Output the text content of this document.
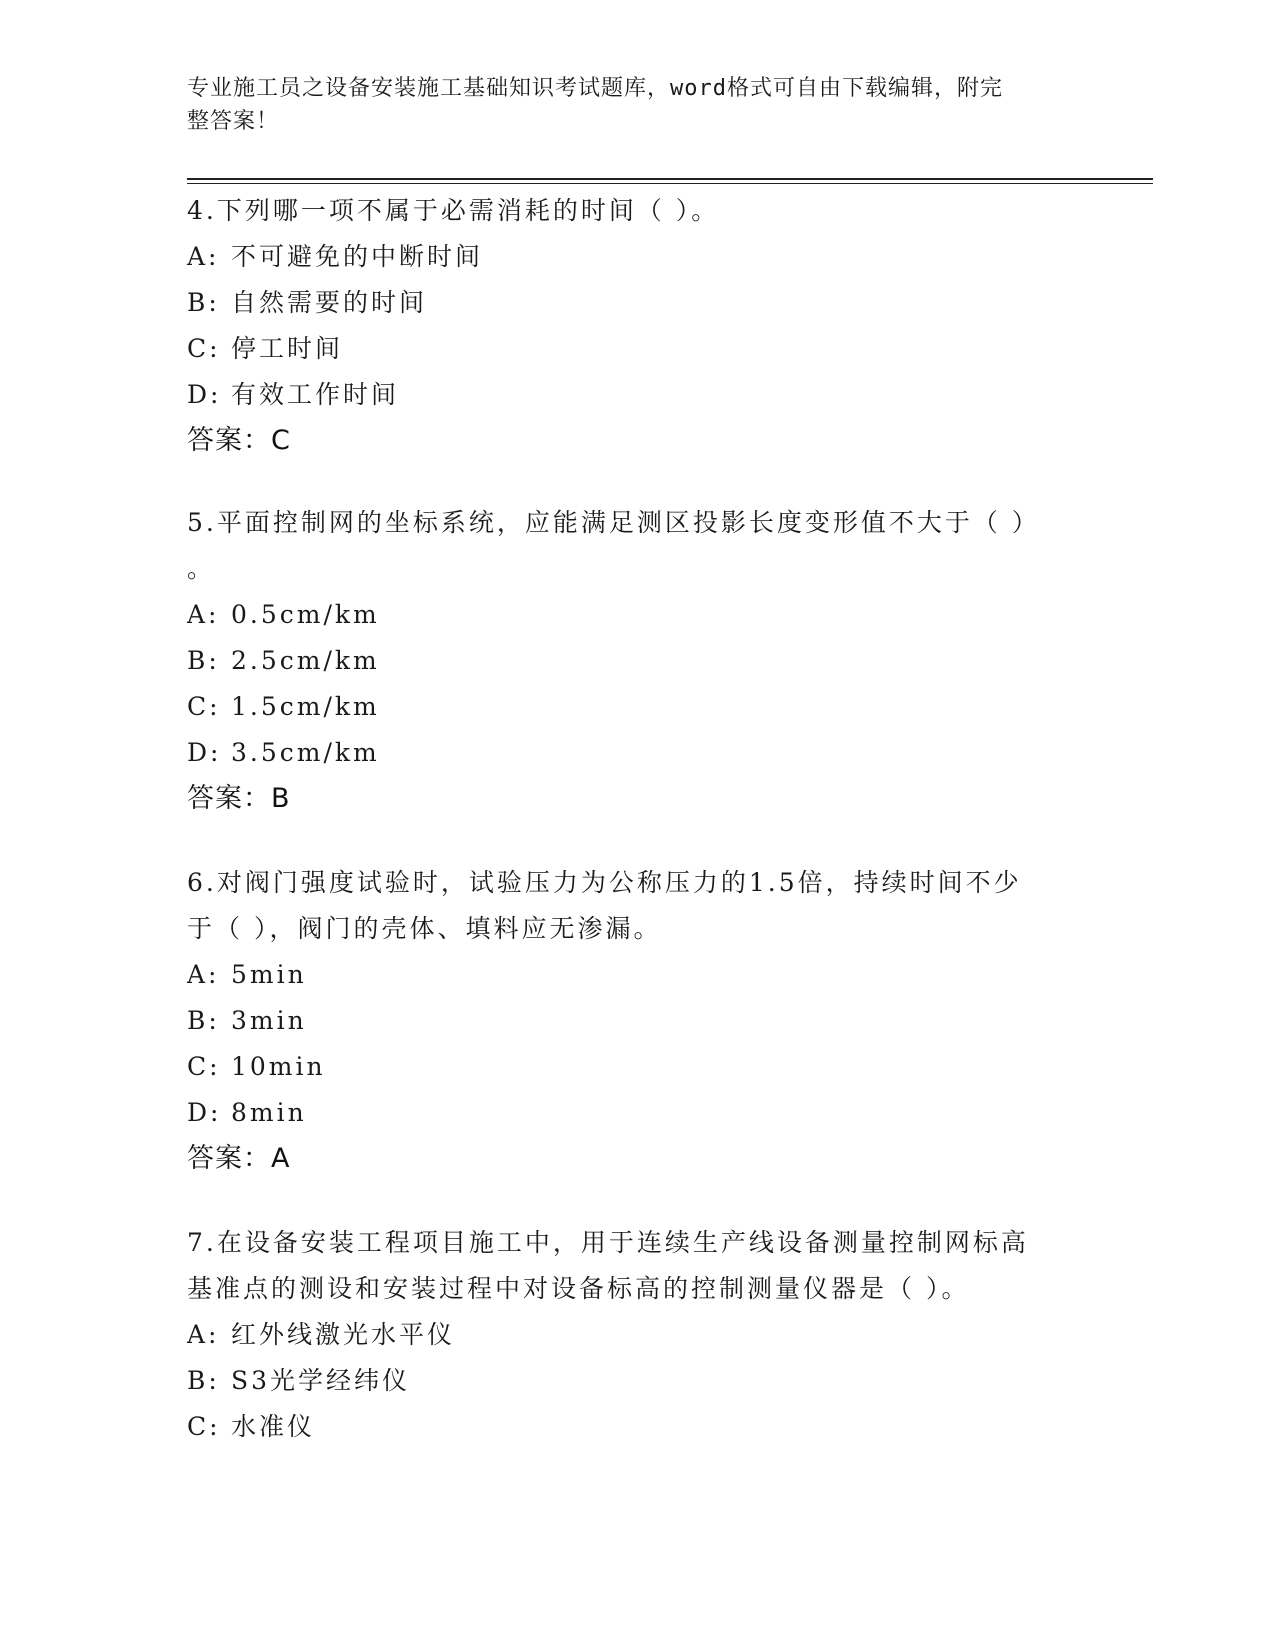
专业施工员之设备安装施工基础知识考试题库，word格式可自由下载编辑，附完
整答案！

4.下列哪一项不属于必需消耗的时间（ ）。

A: 不可避免的中断时间

B: 自然需要的时间

C: 停工时间

D: 有效工作时间

答案：C

5.平面控制网的坐标系统，应能满足测区投影长度变形值不大于（ ）

。

A: 0.5cm/km

B: 2.5cm/km

C: 1.5cm/km

D: 3.5cm/km

答案：B

6.对阀门强度试验时，试验压力为公称压力的1.5倍，持续时间不少

于（ ），阀门的壳体、填料应无渗漏。

A: 5min

B: 3min

C: 10min

D: 8min

答案：A

7.在设备安装工程项目施工中，用于连续生产线设备测量控制网标高

基准点的测设和安装过程中对设备标高的控制测量仪器是（ ）。

A: 红外线激光水平仪

B: S3光学经纬仪

C: 水准仪
